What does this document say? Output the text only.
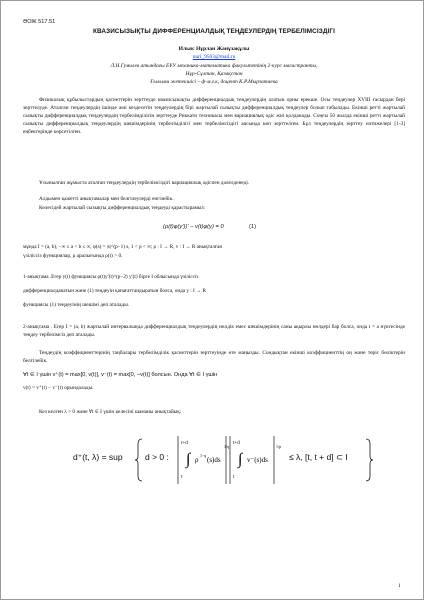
ӘОЖ 517.51
КВАЗИСЫЗЫҚТЫ ДИФФЕРЕНЦИАЛДЫҚ ТЕҢДЕУЛЕРДІҢ ТЕРБЕЛІМСІЗДІГІ
Ильяс Нұрлан Жанұзақұлы
nuri_9503@mail.ru
Л.Н.Гумилев атындағы ЕҰУ механика-математика факультетінің 2-курс магистранты,
Нұр-Сұлтан, Қазақстан
Ғылыми жетекшісі – ф-м.ғ.к, доцент К.Р.Мырзатаева
Физикалық құбылыстардың қасиеттерін зерттеуде квазисызықты дифференциалдық теңдеулердің алатын орны ерекше. Осы теңдеулер XVIII ғасырдан бері зерттелуде. Аталған теңдеулердің ішінде жиі кездесетін теңдеулердің бірі жартылай сызықты дифференциалдық теңдеулер болып табылады. Екінші ретті жартылай сызықты дифференциалдық теңдеулердің тербелімділігін зерттеуде Риккати техникасы мен вариациялық әдіс жиі қолданады. Соңғы 50 жылда екінші ретті жартылай сызықты дифференциалдық теңдеулердің шешімдерінің тербелімділігі мен тербелімсіздігі аясында көп зерттелген. Бұл теңдеулердің зерттеу нәтижелері [1-3] еңбектерінде көрсетілген.
Ұсынылған жұмыста аталған теңдеулердің тербелімсіздігі вариациялық әдіспен дәлелденеді.
Алдымен қажетті анықтамалар мен белгілеулерді енгізейік.
Келесідей жартылай сызықты дифференциалдық теңдеуді қарастырамыз:
(ρ(t)φ(y′))′ − v(t)φ(y) = 0	(1)
мұнда I = (a, b), −∞ ≤ a < b ≤ ∞, φ(s) = |s|^(p−1) s, 1 < p < ∞; ρ : I → R, v : I → R анықталған
үзіліссіз функциялар, ρ аралығында ρ(t) > 0.
1-анықтама .Егер y(t) функциясы ρ(t)y′(t)^(p−2) y′(t) бірге I облысында үзіліссіз
дифференциалданатын және (1) теңдеуін қанағаттандыратын болса, онда y : I → R
функциясы (1) теңдеуінің шешімі деп аталады.
2-анықтама . Егер I = (a, b) жартылай интервалында дифференциалдық теңдеулердің нөлдік емес шешімдерінің саны ақырлы нөлдері бар болса, онда t = a нүктесінде теңдеу тербелімсіз деп аталады.
Теңдеудің коэффициенттерінің таңбалары тербелімділік қасиеттерін зерттеуінде өте маңызды. Сондықтан екінші коэффициенттің оң және теріс бөліктерін белгілейік.
∀t ∈ I үшін v⁺(t) = max[0, v(t)], v⁻(t) = max[0, −v(t)] болсын. Онда ∀t ∈ I үшін
v(t) = v⁺(t) − v⁻(t) орындалады.
Кез келген λ > 0 және ∀t ∈ I үшін келесіні шаманы анықтайық:
d⁺(t, λ) = sup	d > 0 :
t+d
t
∫ ρ
1−q
(s)ds
1/q
t+d
t
∫ v⁻(s)ds
1/p
≤ λ, [t, t + d] ⊂ I
1
